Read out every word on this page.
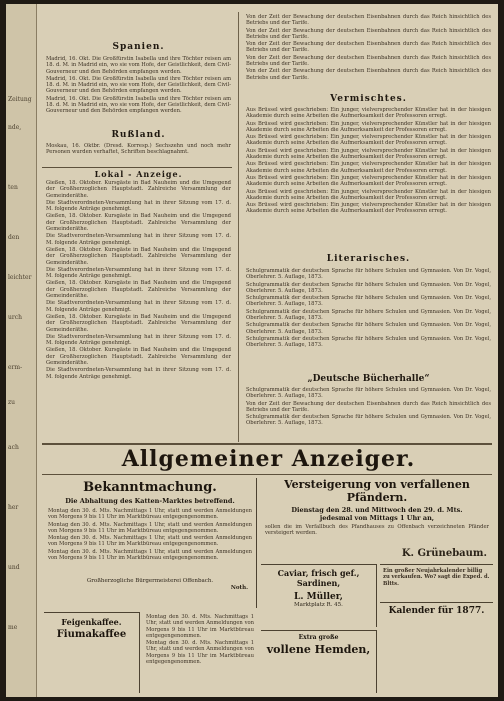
Zeitung
nde,
ten
den
leichter
urch
erm-
zu
ach
her
und
me
Spanien.

Madrid, 16. Okt. Die Großfürstin Isabella und ihre Töchter reisen am 18. d. M. in Madrid ein, wo sie vom Hofe, der Geistlichkeit, dem Civil-Gouverneur und den Behörden empfangen werden.

Madrid, 16. Okt. Die Großfürstin Isabella und ihre Töchter reisen am 18. d. M. in Madrid ein, wo sie vom Hofe, der Geistlichkeit, dem Civil-Gouverneur und den Behörden empfangen werden.

Madrid, 16. Okt. Die Großfürstin Isabella und ihre Töchter reisen am 18. d. M. in Madrid ein, wo sie vom Hofe, der Geistlichkeit, dem Civil-Gouverneur und den Behörden empfangen werden.

Rußland.

Moskau, 16. Oktbr. (Dresd. Korresp.) Sechszehn und noch mehr Personen wurden verhaftet, Schriften beschlagnahmt.

Lokal - Anzeige.

Gießen, 18. Oktober. Kursgäste in Bad Nauheim und die Umgegend der Großherzoglichen Hauptstadt. Zahlreiche Versammlung der Gemeinderäthe.

Die Stadtverordneten-Versammlung hat in ihrer Sitzung vom 17. d. M. folgende Anträge genehmigt.

Gießen, 18. Oktober. Kursgäste in Bad Nauheim und die Umgegend der Großherzoglichen Hauptstadt. Zahlreiche Versammlung der Gemeinderäthe.

Die Stadtverordneten-Versammlung hat in ihrer Sitzung vom 17. d. M. folgende Anträge genehmigt.

Gießen, 18. Oktober. Kursgäste in Bad Nauheim und die Umgegend der Großherzoglichen Hauptstadt. Zahlreiche Versammlung der Gemeinderäthe.

Die Stadtverordneten-Versammlung hat in ihrer Sitzung vom 17. d. M. folgende Anträge genehmigt.

Gießen, 18. Oktober. Kursgäste in Bad Nauheim und die Umgegend der Großherzoglichen Hauptstadt. Zahlreiche Versammlung der Gemeinderäthe.

Die Stadtverordneten-Versammlung hat in ihrer Sitzung vom 17. d. M. folgende Anträge genehmigt.

Gießen, 18. Oktober. Kursgäste in Bad Nauheim und die Umgegend der Großherzoglichen Hauptstadt. Zahlreiche Versammlung der Gemeinderäthe.

Die Stadtverordneten-Versammlung hat in ihrer Sitzung vom 17. d. M. folgende Anträge genehmigt.

Gießen, 18. Oktober. Kursgäste in Bad Nauheim und die Umgegend der Großherzoglichen Hauptstadt. Zahlreiche Versammlung der Gemeinderäthe.

Die Stadtverordneten-Versammlung hat in ihrer Sitzung vom 17. d. M. folgende Anträge genehmigt.

Von der Zeit der Bewachung der deutschen Eisenbahnen durch das Reich hinsichtlich des Betriebs und der Tarife.

Von der Zeit der Bewachung der deutschen Eisenbahnen durch das Reich hinsichtlich des Betriebs und der Tarife.

Von der Zeit der Bewachung der deutschen Eisenbahnen durch das Reich hinsichtlich des Betriebs und der Tarife.

Von der Zeit der Bewachung der deutschen Eisenbahnen durch das Reich hinsichtlich des Betriebs und der Tarife.

Von der Zeit der Bewachung der deutschen Eisenbahnen durch das Reich hinsichtlich des Betriebs und der Tarife.

Vermischtes.

Aus Brüssel wird geschrieben: Ein junger, vielversprechender Künstler hat in der hiesigen Akademie durch seine Arbeiten die Aufmerksamkeit der Professoren erregt.

Aus Brüssel wird geschrieben: Ein junger, vielversprechender Künstler hat in der hiesigen Akademie durch seine Arbeiten die Aufmerksamkeit der Professoren erregt.

Aus Brüssel wird geschrieben: Ein junger, vielversprechender Künstler hat in der hiesigen Akademie durch seine Arbeiten die Aufmerksamkeit der Professoren erregt.

Aus Brüssel wird geschrieben: Ein junger, vielversprechender Künstler hat in der hiesigen Akademie durch seine Arbeiten die Aufmerksamkeit der Professoren erregt.

Aus Brüssel wird geschrieben: Ein junger, vielversprechender Künstler hat in der hiesigen Akademie durch seine Arbeiten die Aufmerksamkeit der Professoren erregt.

Aus Brüssel wird geschrieben: Ein junger, vielversprechender Künstler hat in der hiesigen Akademie durch seine Arbeiten die Aufmerksamkeit der Professoren erregt.

Aus Brüssel wird geschrieben: Ein junger, vielversprechender Künstler hat in der hiesigen Akademie durch seine Arbeiten die Aufmerksamkeit der Professoren erregt.

Aus Brüssel wird geschrieben: Ein junger, vielversprechender Künstler hat in der hiesigen Akademie durch seine Arbeiten die Aufmerksamkeit der Professoren erregt.

Literarisches.

Schulgrammatik der deutschen Sprache für höhere Schulen und Gymnasien. Von Dr. Vogel, Oberlehrer. 5. Auflage, 1873.

Schulgrammatik der deutschen Sprache für höhere Schulen und Gymnasien. Von Dr. Vogel, Oberlehrer. 5. Auflage, 1873.

Schulgrammatik der deutschen Sprache für höhere Schulen und Gymnasien. Von Dr. Vogel, Oberlehrer. 5. Auflage, 1873.

Schulgrammatik der deutschen Sprache für höhere Schulen und Gymnasien. Von Dr. Vogel, Oberlehrer. 5. Auflage, 1873.

Schulgrammatik der deutschen Sprache für höhere Schulen und Gymnasien. Von Dr. Vogel, Oberlehrer. 5. Auflage, 1873.

Schulgrammatik der deutschen Sprache für höhere Schulen und Gymnasien. Von Dr. Vogel, Oberlehrer. 5. Auflage, 1873.

„Deutsche Bücherhalle“

Schulgrammatik der deutschen Sprache für höhere Schulen und Gymnasien. Von Dr. Vogel, Oberlehrer. 5. Auflage, 1873.

Von der Zeit der Bewachung der deutschen Eisenbahnen durch das Reich hinsichtlich des Betriebs und der Tarife.

Schulgrammatik der deutschen Sprache für höhere Schulen und Gymnasien. Von Dr. Vogel, Oberlehrer. 5. Auflage, 1873.

Allgemeiner Anzeiger.
Bekanntmachung.
Die Abhaltung des Katten-Marktes betreffend.

Montag den 30. d. Mts. Nachmittags 1 Uhr, statt und werden Anmeldungen von Morgens 9 bis 11 Uhr im Marktbüreau entgegengenommen.

Montag den 30. d. Mts. Nachmittags 1 Uhr, statt und werden Anmeldungen von Morgens 9 bis 11 Uhr im Marktbüreau entgegengenommen.

Montag den 30. d. Mts. Nachmittags 1 Uhr, statt und werden Anmeldungen von Morgens 9 bis 11 Uhr im Marktbüreau entgegengenommen.

Montag den 30. d. Mts. Nachmittags 1 Uhr, statt und werden Anmeldungen von Morgens 9 bis 11 Uhr im Marktbüreau entgegengenommen.

Großherzogliche Bürgermeisterei Offenbach.
Noth.
Feigenkaffee.
Fiumakaffee

Montag den 30. d. Mts. Nachmittags 1 Uhr, statt und werden Anmeldungen von Morgens 9 bis 11 Uhr im Marktbüreau entgegengenommen.

Montag den 30. d. Mts. Nachmittags 1 Uhr, statt und werden Anmeldungen von Morgens 9 bis 11 Uhr im Marktbüreau entgegengenommen.

Versteigerung von verfallenen Pfändern.
Dienstag den 28. und Mittwoch den 29. d. Mts.
jedesmal von Mittags 1 Uhr an,

sollen die im Verfallbuch des Pfandhauses zu Offenbach verzeichneten Pfänder versteigert werden.

K. Grünebaum.
Caviar, frisch gef.,
Sardinen,
L. Müller,
Marktplatz R. 45.
Extra große
vollene Hemden,
Ein großer Neujahrkalender billig zu verkaufen. Wo? sagt die Exped. d. Bltts.
Kalender für 1877.
